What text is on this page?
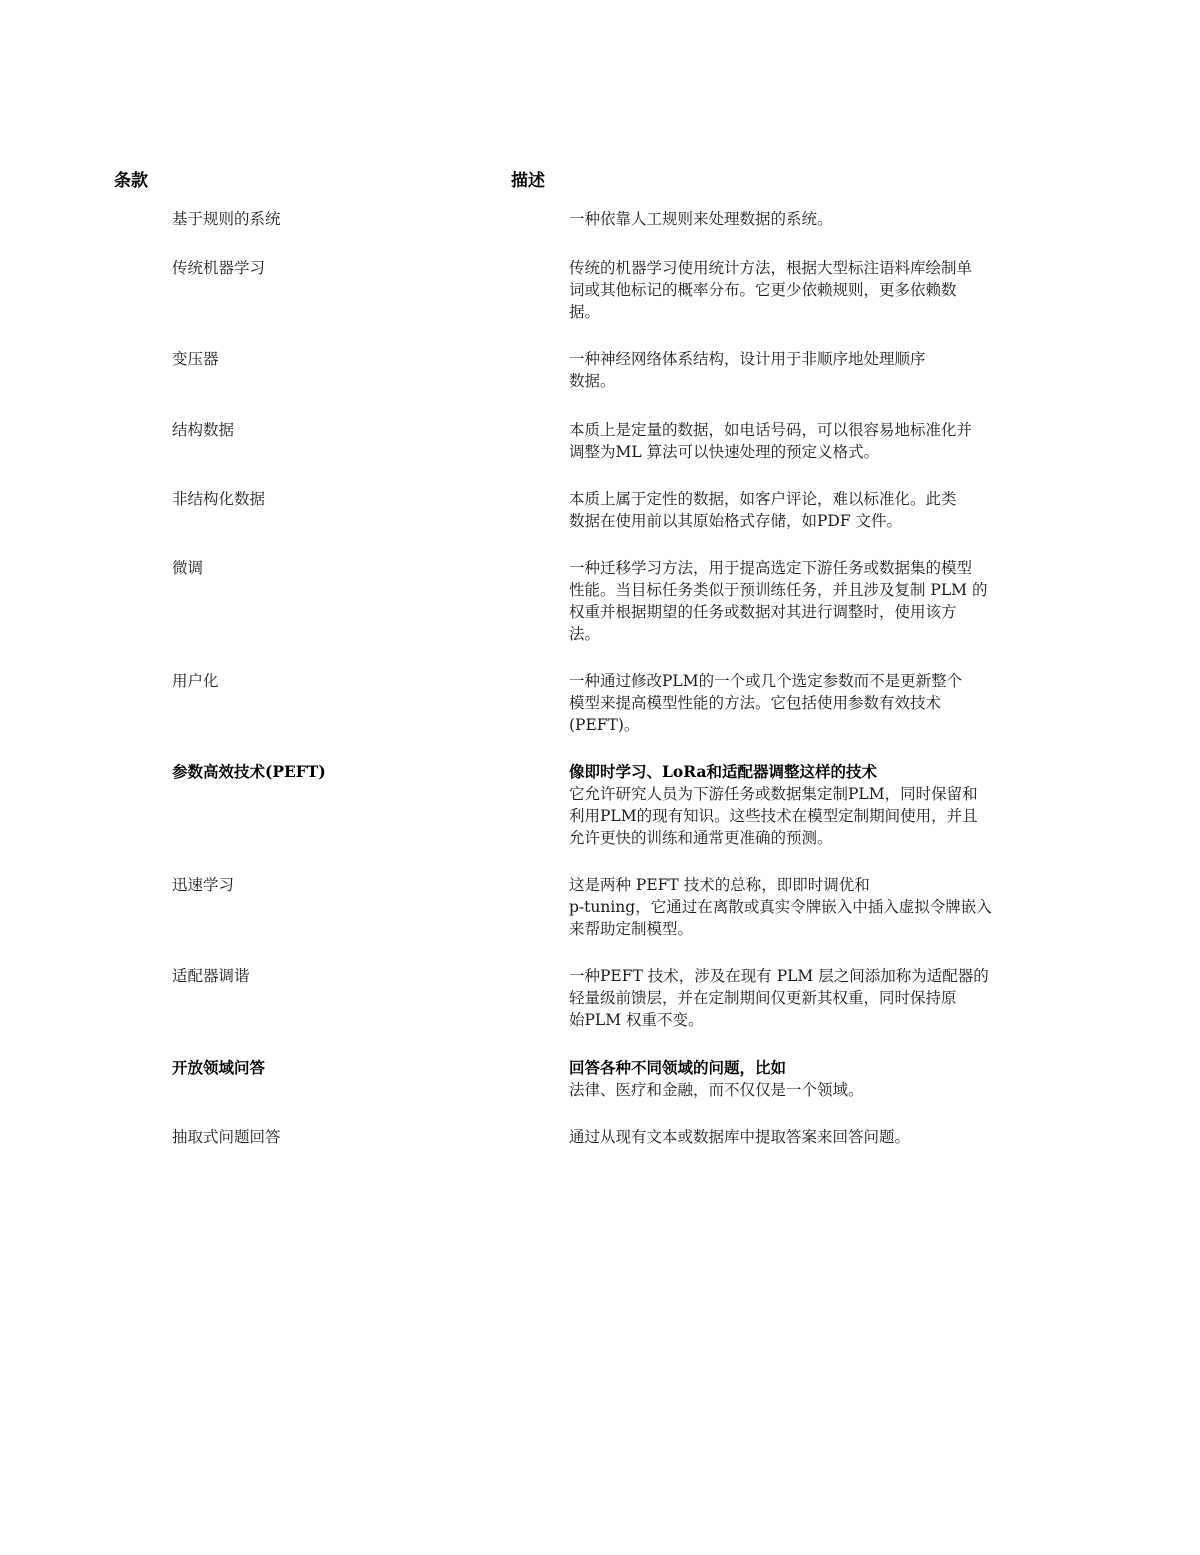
条款	描述
基于规则的系统	一种依靠人工规则来处理数据的系统。
传统机器学习	传统的机器学习使用统计方法，根据大型标注语料库绘制单
词或其他标记的概率分布。它更少依赖规则，更多依赖数
据。
变压器	一种神经网络体系结构，设计用于非顺序地处理顺序
数据。
结构数据	本质上是定量的数据，如电话号码，可以很容易地标准化并
调整为ML 算法可以快速处理的预定义格式。
非结构化数据	本质上属于定性的数据，如客户评论，难以标准化。此类
数据在使用前以其原始格式存储，如PDF 文件。
微调	一种迁移学习方法，用于提高选定下游任务或数据集的模型
性能。当目标任务类似于预训练任务，并且涉及复制 PLM 的
权重并根据期望的任务或数据对其进行调整时，使用该方
法。
用户化	一种通过修改PLM的一个或几个选定参数而不是更新整个
模型来提高模型性能的方法。它包括使用参数有效技术
(PEFT)。
参数高效技术(PEFT)	像即时学习、LoRa和适配器调整这样的技术
它允许研究人员为下游任务或数据集定制PLM，同时保留和
利用PLM的现有知识。这些技术在模型定制期间使用，并且
允许更快的训练和通常更准确的预测。
迅速学习	这是两种 PEFT 技术的总称，即即时调优和
p-tuning，它通过在离散或真实令牌嵌入中插入虚拟令牌嵌入
来帮助定制模型。
适配器调谐	一种PEFT 技术，涉及在现有 PLM 层之间添加称为适配器的
轻量级前馈层，并在定制期间仅更新其权重，同时保持原
始PLM 权重不变。
开放领域问答	回答各种不同领域的问题，比如
法律、医疗和金融，而不仅仅是一个领域。
抽取式问题回答	通过从现有文本或数据库中提取答案来回答问题。
